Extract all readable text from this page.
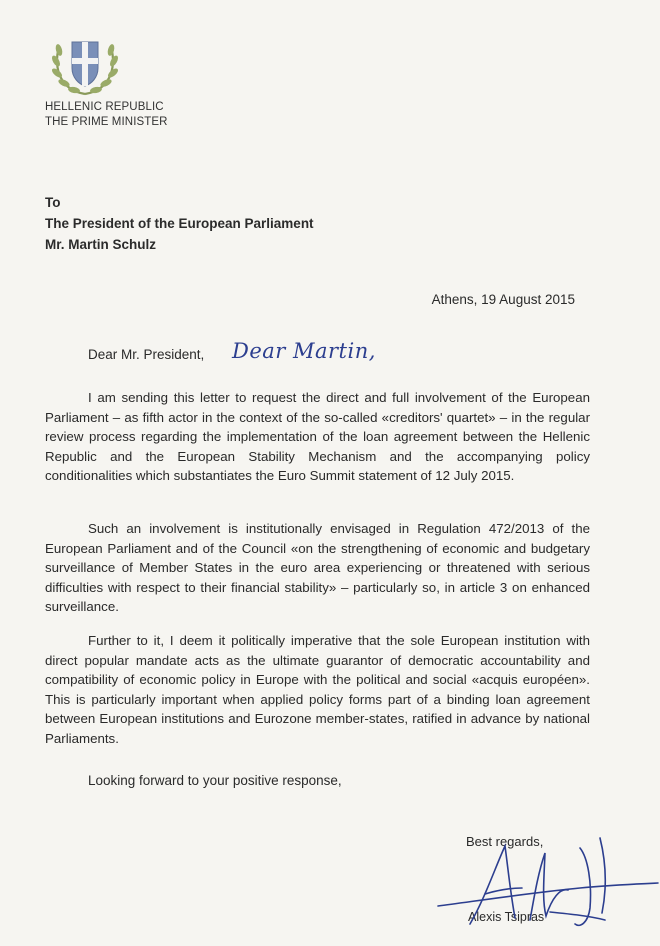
HELLENIC REPUBLIC
THE PRIME MINISTER
To
The President of the European Parliament
Mr. Martin Schulz
Athens, 19 August 2015
Dear Mr. President, Dear Martin,

I am sending this letter to request the direct and full involvement of the European Parliament – as fifth actor in the context of the so-called «creditors' quartet» – in the regular review process regarding the implementation of the loan agreement between the Hellenic Republic and the European Stability Mechanism and the accompanying policy conditionalities which substantiates the Euro Summit statement of 12 July 2015.

Such an involvement is institutionally envisaged in Regulation 472/2013 of the European Parliament and of the Council «on the strengthening of economic and budgetary surveillance of Member States in the euro area experiencing or threatened with serious difficulties with respect to their financial stability» – particularly so, in article 3 on enhanced surveillance.

Further to it, I deem it politically imperative that the sole European institution with direct popular mandate acts as the ultimate guarantor of democratic accountability and compatibility of economic policy in Europe with the political and social «acquis européen». This is particularly important when applied policy forms part of a binding loan agreement between European institutions and Eurozone member-states, ratified in advance by national Parliaments.

Looking forward to your positive response,
Best regards,
Alexis Tsipras
